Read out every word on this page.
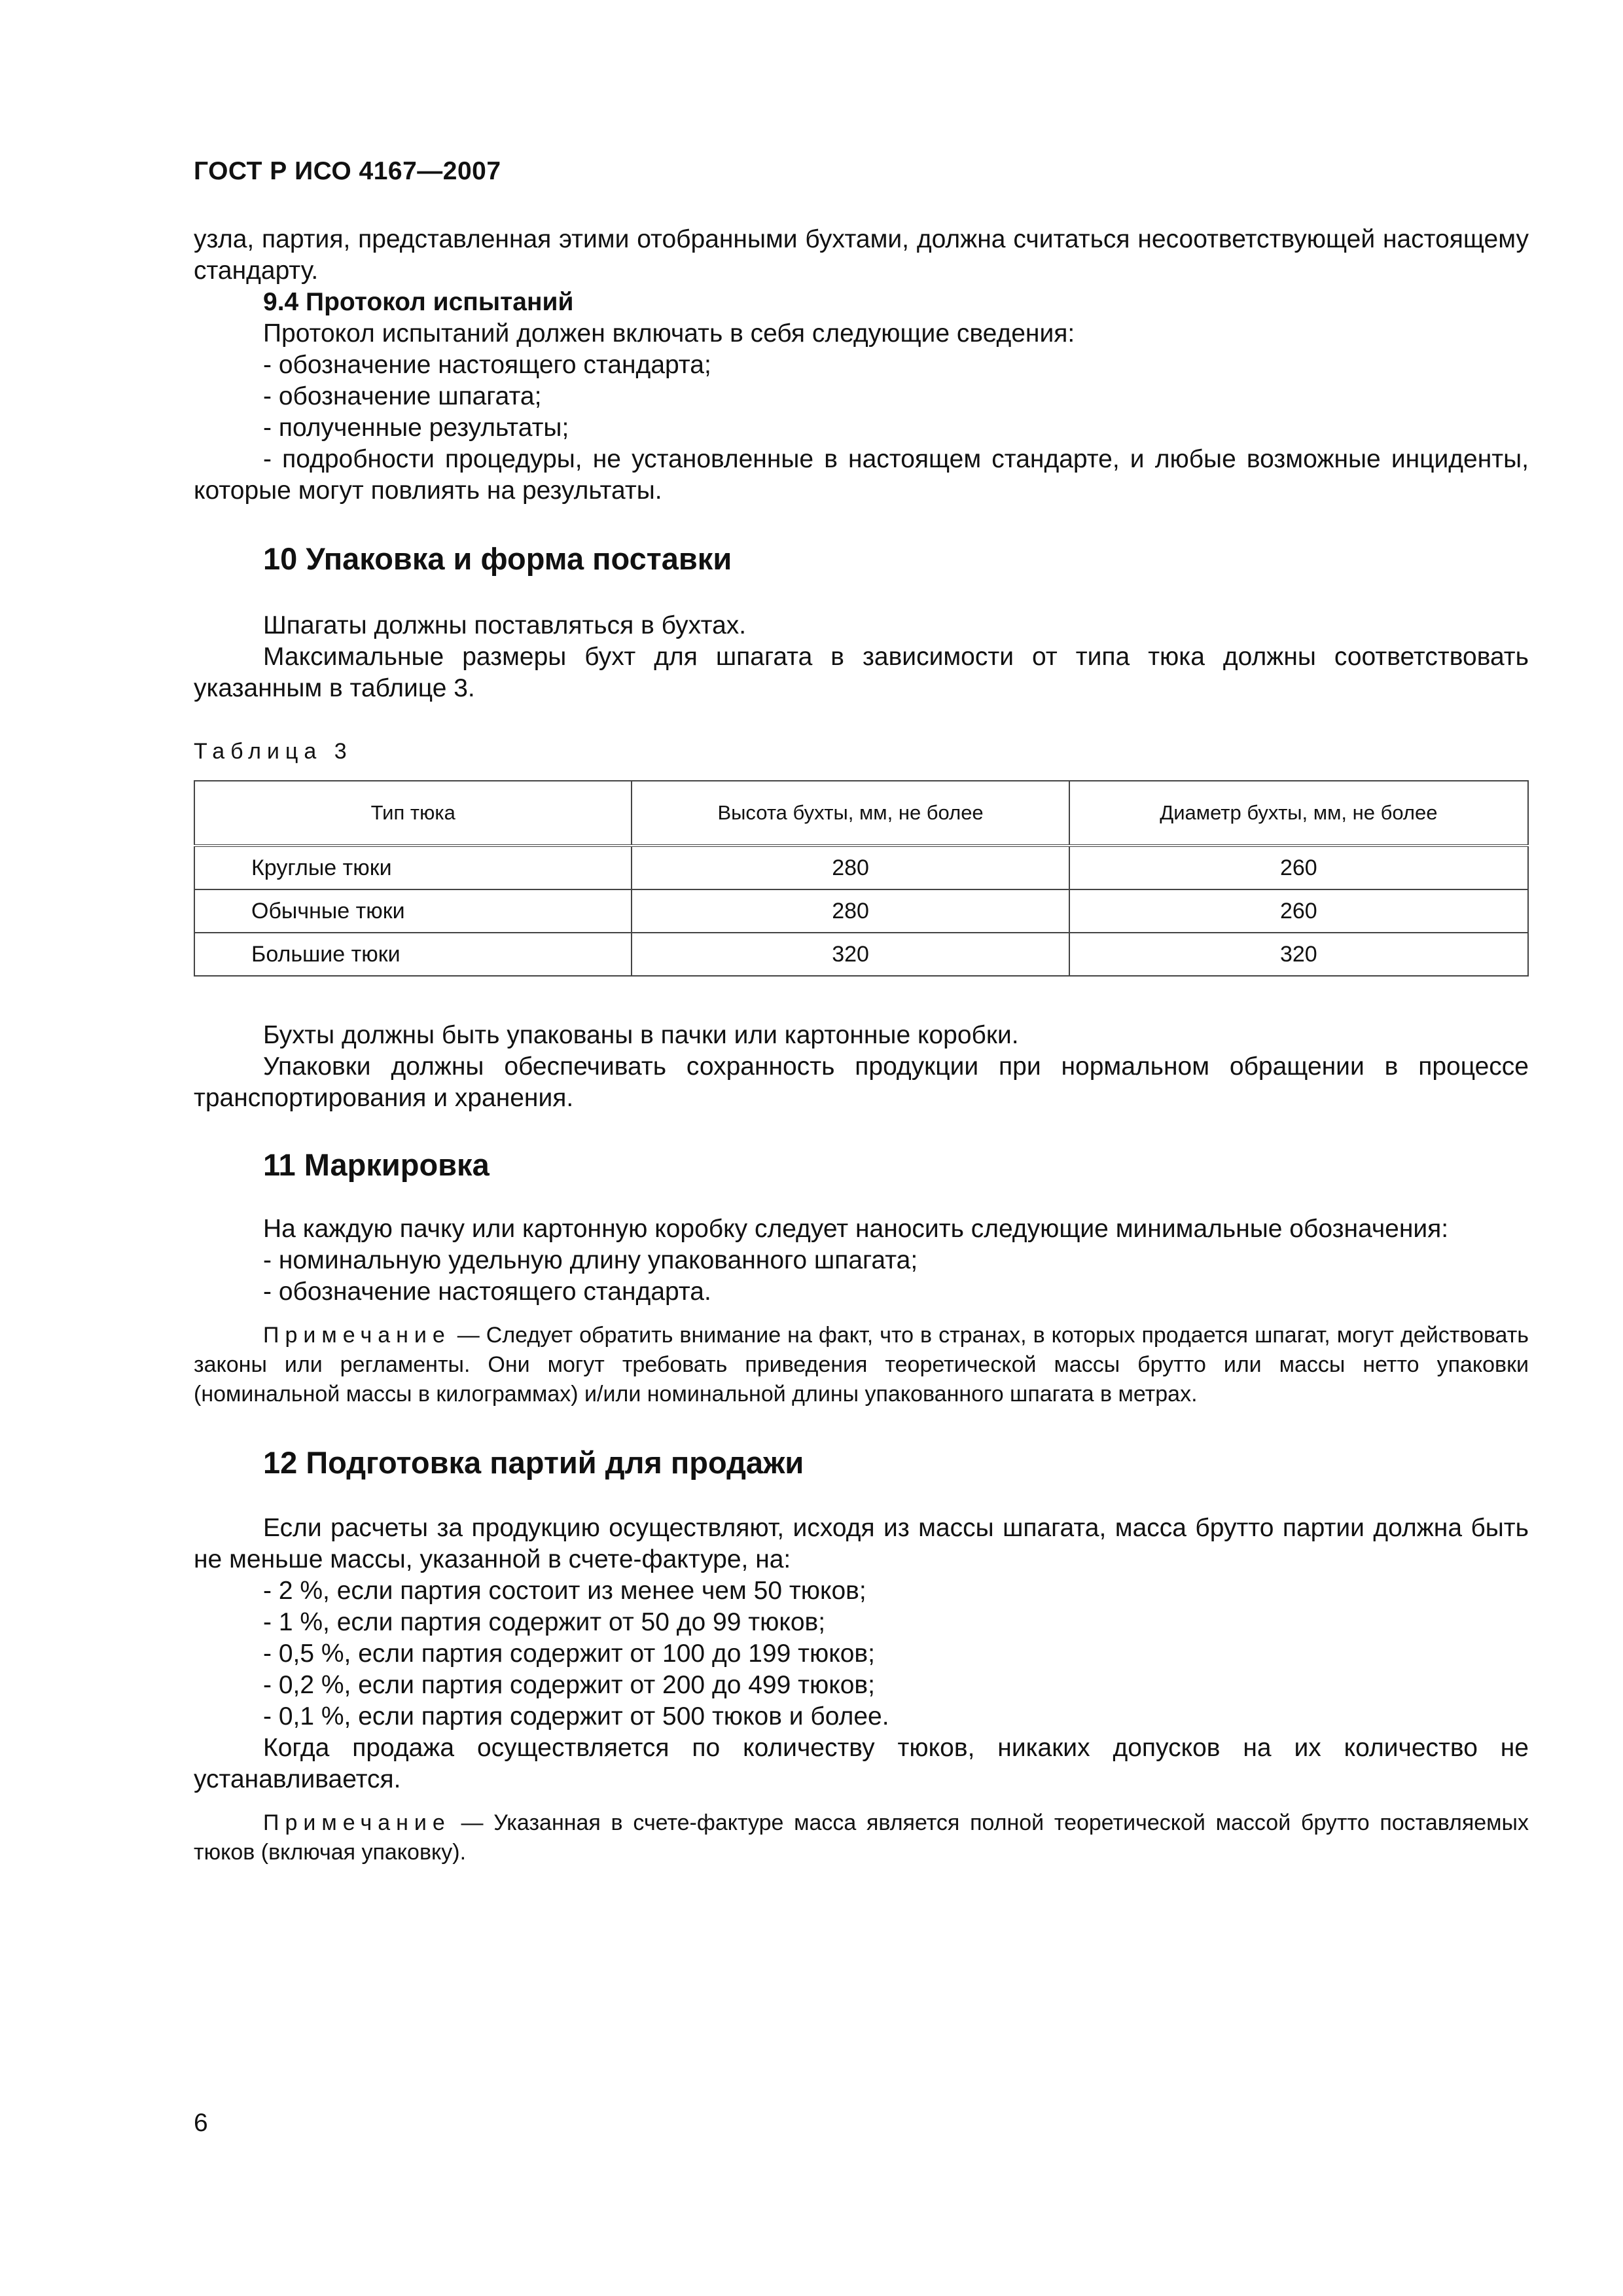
ГОСТ Р ИСО 4167—2007

узла, партия, представленная этими отобранными бухтами, должна считаться несоответствующей настоящему стандарту.

9.4 Протокол испытаний

Протокол испытаний должен включать в себя следующие сведения:

- обозначение настоящего стандарта;

- обозначение шпагата;

- полученные результаты;

- подробности процедуры, не установленные в настоящем стандарте, и любые возможные инциденты, которые могут повлиять на результаты.

10 Упаковка и форма поставки

Шпагаты должны поставляться в бухтах.

Максимальные размеры бухт для шпагата в зависимости от типа тюка должны соответствовать указанным в таблице 3.

Таблица 3
Тип тюка	Высота бухты, мм, не более	Диаметр бухты, мм, не более
Круглые тюки	280	260
Обычные тюки	280	260
Большие тюки	320	320

Бухты должны быть упакованы в пачки или картонные коробки.

Упаковки должны обеспечивать сохранность продукции при нормальном обращении в процессе транспортирования и хранения.

11 Маркировка

На каждую пачку или картонную коробку следует наносить следующие минимальные обозначения:

- номинальную удельную длину упакованного шпагата;

- обозначение настоящего стандарта.

Примечание — Следует обратить внимание на факт, что в странах, в которых продается шпагат, могут действовать законы или регламенты. Они могут требовать приведения теоретической массы брутто или массы нетто упаковки (номинальной массы в килограммах) и/или номинальной длины упакованного шпагата в метрах.

12 Подготовка партий для продажи

Если расчеты за продукцию осуществляют, исходя из массы шпагата, масса брутто партии должна быть не меньше массы, указанной в счете-фактуре, на:

- 2 %, если партия состоит из менее чем 50 тюков;

- 1 %, если партия содержит от 50 до 99 тюков;

- 0,5 %, если партия содержит от 100 до 199 тюков;

- 0,2 %, если партия содержит от 200 до 499 тюков;

- 0,1 %, если партия содержит от 500 тюков и более.

Когда продажа осуществляется по количеству тюков, никаких допусков на их количество не устанавливается.

Примечание — Указанная в счете-фактуре масса является полной теоретической массой брутто поставляемых тюков (включая упаковку).

6
